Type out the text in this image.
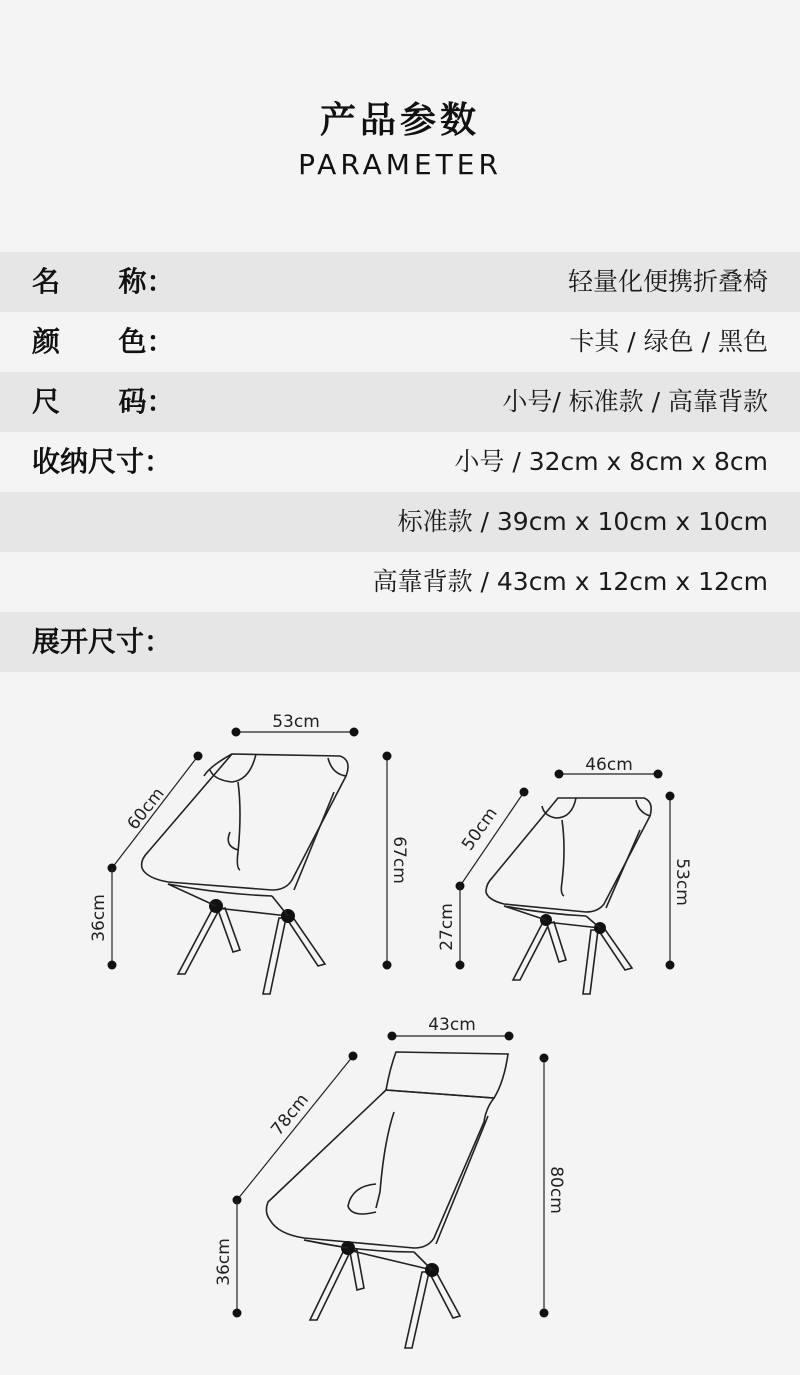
产品参数
PARAMETER
名      称：	轻量化便携折叠椅
颜      色：	卡其 / 绿色 / 黑色
尺      码：	小号/ 标准款 / 高靠背款
收纳尺寸：	小号 / 32cm x 8cm x 8cm
标准款 / 39cm x 10cm x 10cm
高靠背款 / 43cm x 12cm x 12cm
展开尺寸：
53cm
60cm
36cm
67cm
46cm
50cm
27cm
53cm
43cm
78cm
36cm
80cm
